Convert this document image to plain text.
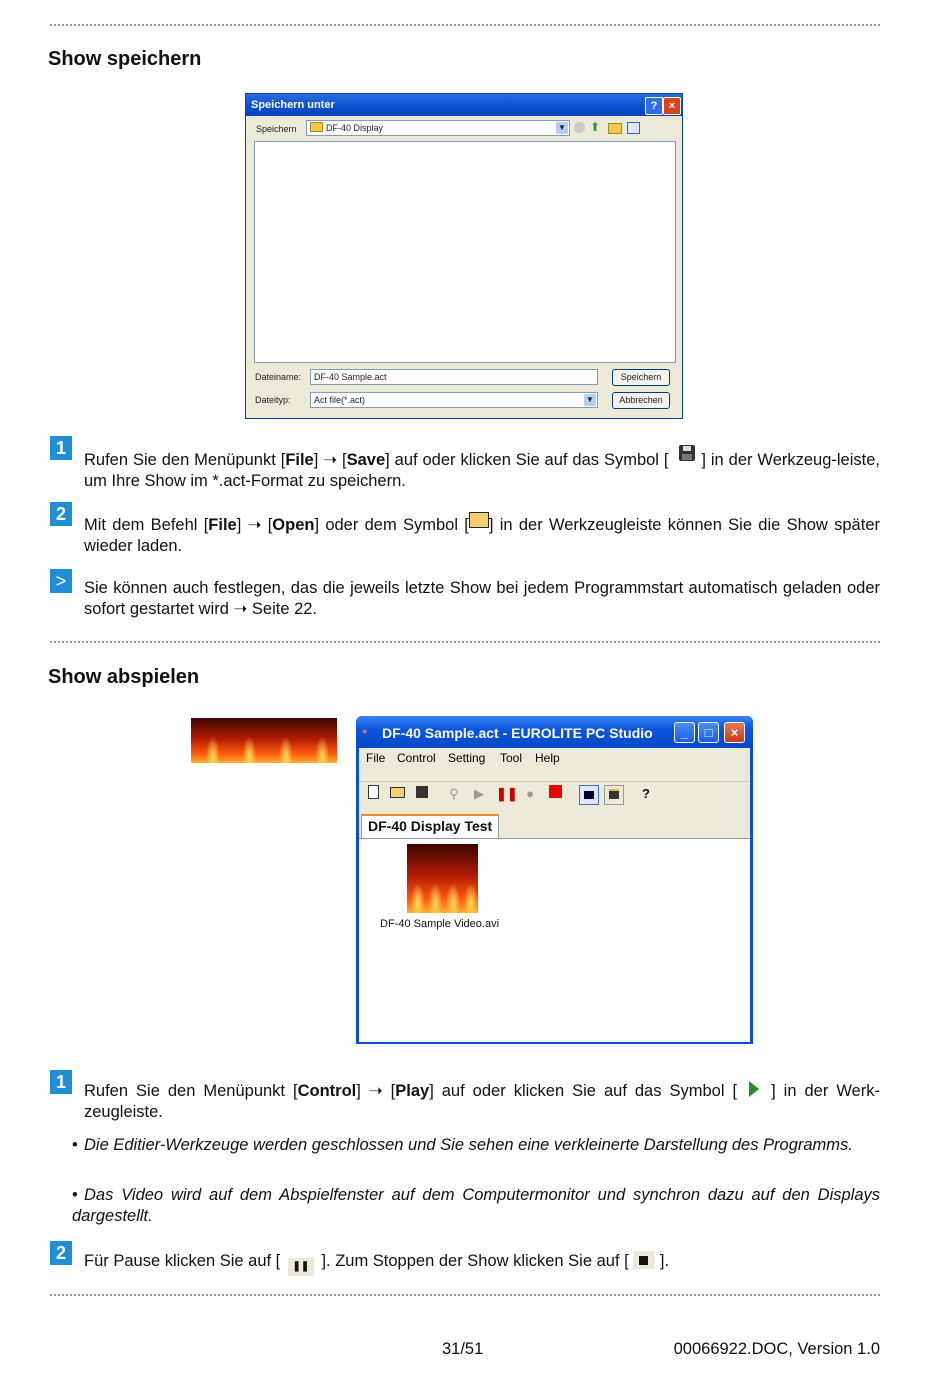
Show speichern
Speichern unter	?	×
Speichern	DF-40 Display	▼ ⬆
Dateiname:	DF-40 Sample.act	Speichern
Dateityp:	Act file(*.act)	▼	Abbrechen
1
Rufen Sie den Menüpunkt [File] ➝ [Save] auf oder klicken Sie auf das Symbol [ ] in der Werkzeug-leiste, um Ihre Show im *.act-Format zu speichern.
2
Mit dem Befehl [File] ➝ [Open] oder dem Symbol [ ] in der Werkzeugleiste können Sie die Show später wieder laden.
>	Sie können auch festlegen, das die jeweils letzte Show bei jedem Programmstart automatisch geladen oder sofort gestartet wird ➝ Seite 22.
Show abspielen
● DF-40 Sample.act - EUROLITE PC Studio	_	□	×
File Control Setting Tool Help
⚲	▶ ❚❚ ●	?
DF-40 Display Test
DF-40 Sample Video.avi
1	Rufen Sie den Menüpunkt [Control] ➝ [Play] auf oder klicken Sie auf das Symbol [ ] in der Werk-zeugleiste.
• Die Editier-Werkzeuge werden geschlossen und Sie sehen eine verkleinerte Darstellung des Programms.
• Das Video wird auf dem Abspielfenster auf dem Computermonitor und synchron dazu auf den Displays dargestellt.
2	Für Pause klicken Sie auf [ ❚❚ ]. Zum Stoppen der Show klicken Sie auf [ ].
31/51	00066922.DOC, Version 1.0
